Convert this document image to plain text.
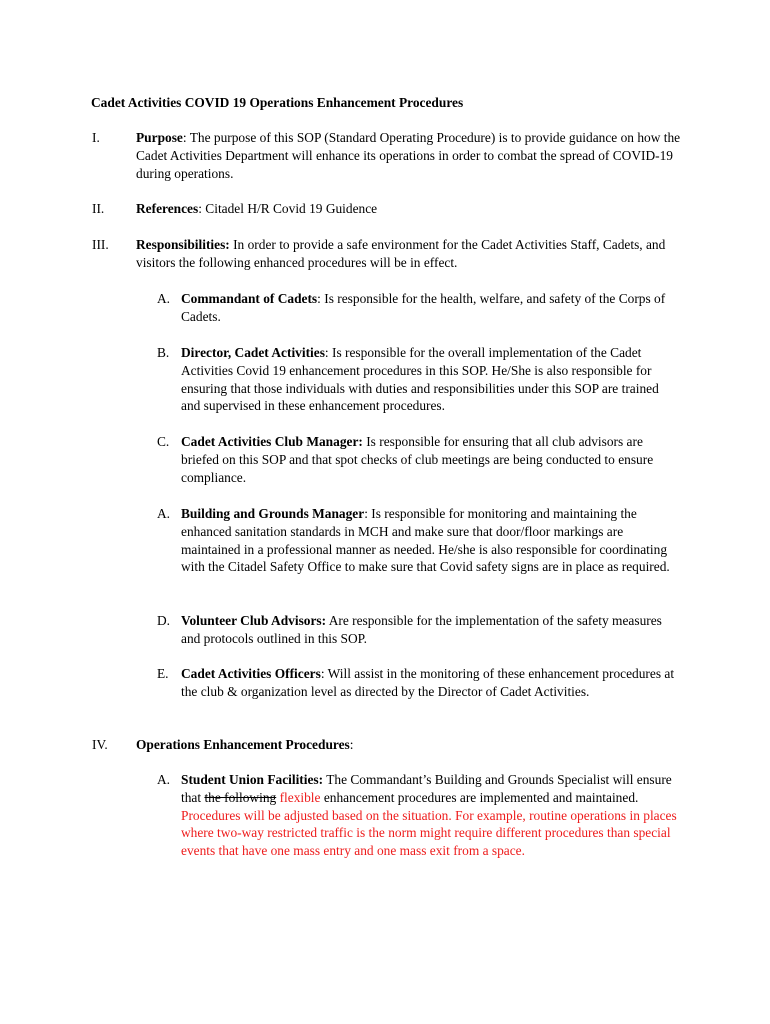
Cadet Activities COVID 19 Operations Enhancement Procedures
I.	Purpose: The purpose of this SOP (Standard Operating Procedure) is to provide guidance on how the Cadet Activities Department will enhance its operations in order to combat the spread of COVID-19 during operations.
II. References: Citadel H/R Covid 19 Guidence
III. Responsibilities: In order to provide a safe environment for the Cadet Activities Staff, Cadets, and visitors the following enhanced procedures will be in effect.
A. Commandant of Cadets: Is responsible for the health, welfare, and safety of the Corps of Cadets.
B. Director, Cadet Activities: Is responsible for the overall implementation of the Cadet Activities Covid 19 enhancement procedures in this SOP. He/She is also responsible for ensuring that those individuals with duties and responsibilities under this SOP are trained and supervised in these enhancement procedures.
C. Cadet Activities Club Manager: Is responsible for ensuring that all club advisors are briefed on this SOP and that spot checks of club meetings are being conducted to ensure compliance.
A. Building and Grounds Manager: Is responsible for monitoring and maintaining the enhanced sanitation standards in MCH and make sure that door/floor markings are maintained in a professional manner as needed. He/she is also responsible for coordinating with the Citadel Safety Office to make sure that Covid safety signs are in place as required.
D. Volunteer Club Advisors: Are responsible for the implementation of the safety measures and protocols outlined in this SOP.
E. Cadet Activities Officers: Will assist in the monitoring of these enhancement procedures at the club & organization level as directed by the Director of Cadet Activities.
IV. Operations Enhancement Procedures:
A. Student Union Facilities: The Commandant’s Building and Grounds Specialist will ensure that the following flexible enhancement procedures are implemented and maintained. Procedures will be adjusted based on the situation. For example, routine operations in places where two-way restricted traffic is the norm might require different procedures than special events that have one mass entry and one mass exit from a space.
